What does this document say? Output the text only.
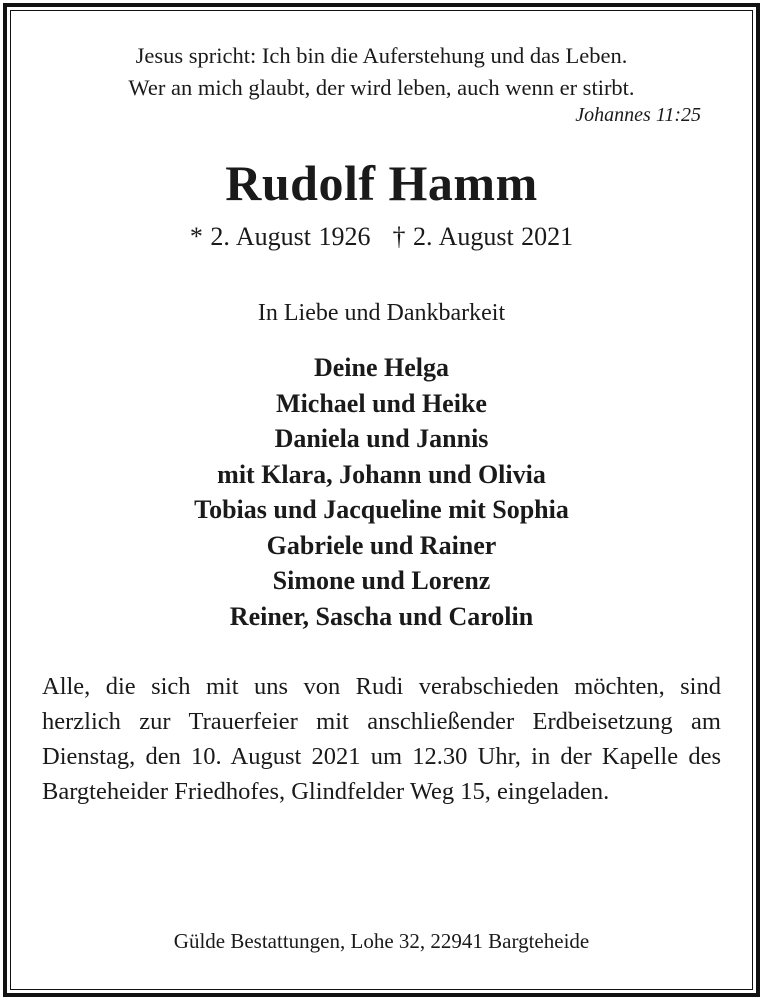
Jesus spricht: Ich bin die Auferstehung und das Leben.

Wer an mich glaubt, der wird leben, auch wenn er stirbt.

Johannes 11:25

Rudolf Hamm

* 2. August 1926 † 2. August 2021

In Liebe und Dankbarkeit

Deine Helga
Michael und Heike
Daniela und Jannis
mit Klara, Johann und Olivia
Tobias und Jacqueline mit Sophia
Gabriele und Rainer
Simone und Lorenz
Reiner, Sascha und Carolin

Alle, die sich mit uns von Rudi verabschieden möchten, sind herzlich zur Trauerfeier mit anschließender Erdbeisetzung am Dienstag, den 10. August 2021 um 12.30 Uhr, in der Kapelle des Bargteheider Friedhofes, Glindfelder Weg 15, eingeladen.

Gülde Bestattungen, Lohe 32, 22941 Bargteheide
